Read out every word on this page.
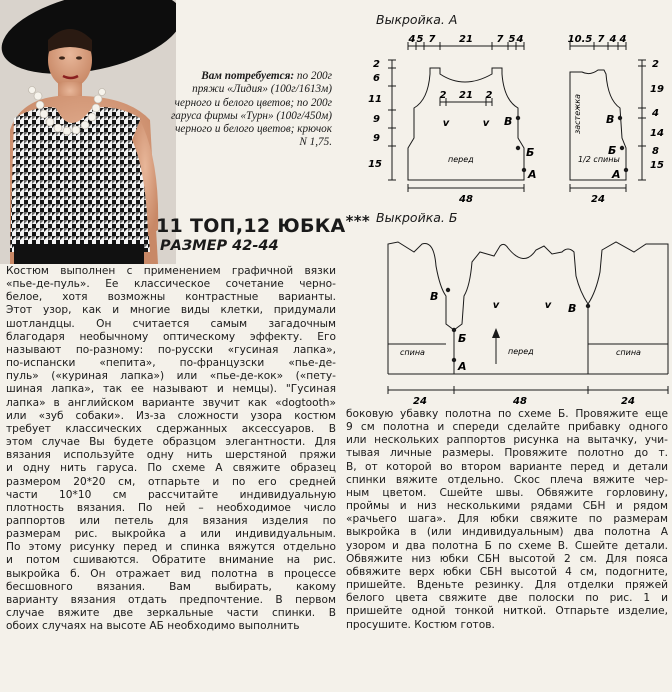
Вам потребуется: по 200г пряжи «Лидия» (100г/1613м) черного и белого цветов; по 200г гаруса фирмы «Турн» (100г/450м) черного и белого цветов; крючок N 1,75.
11 ТОП,12 ЮБКА***
РАЗМЕР 42-44
Выкройка. А
4 5 7 21 7 5 4
2 21 2
v	v
2
6
11
9
9
15	перед
48
В
Б
А
10.5 7 4 4
2
19
4
14
8
15
застежка
1/2 спины
24
В
Б
А
Выкройка. Б
В
Б
А
В
спина	перед	спина
v	v
24	48	24
Костюм выполнен с применением графичной вязки
«пье-де-пуль». Ее классическое сочетание черно-
белое, хотя возможны контрастные варианты.
Этот узор, как и многие виды клетки, придумали
шотландцы. Он считается самым загадочным
благодаря необычному оптическому эффекту. Его
называют по-разному: по-русски «гусиная лапка»,
по-испански «пепита», по-французски «пье-де-
пуль» («куриная лапка») или «пье-де-кок» («пету-
шиная лапка», так ее называют и немцы). "Гусиная
лапка» в английском варианте звучит как «dogtooth»
или «зуб собаки». Из-за сложности узора костюм
требует классических сдержанных аксессуаров. В
этом случае Вы будете образцом элегантности. Для
вязания используйте одну нить шерстяной пряжи
и одну нить гаруса. По схеме А свяжите образец
размером 20*20 см, отпарьте и по его средней
части 10*10 см рассчитайте индивидуальную
плотность вязания. По ней – необходимое число
раппортов или петель для вязания изделия по
размерам рис. выкройка а или индивидуальным.
По этому рисунку перед и спинка вяжутся отдельно
и потом сшиваются. Обратите внимание на рис.
выкройка б. Он отражает вид полотна в процессе
бесшовного вязания. Вам выбирать, какому
варианту вязания отдать предпочтение. В первом
случае вяжите две зеркальные части спинки. В
обоих случаях на высоте АБ необходимо выполнить
боковую убавку полотна по схеме Б. Провяжите еще
9 см полотна и спереди сделайте прибавку одного
или нескольких раппортов рисунка на вытачку, учи-
тывая личные размеры. Провяжите полотно до т.
В, от которой во втором варианте перед и детали
спинки вяжите отдельно. Скос плеча вяжите чер-
ным цветом. Сшейте швы. Обвяжите горловину,
проймы и низ несколькими рядами СБН и рядом
«рачьего шага». Для юбки свяжите по размерам
выкройка в (или индивидуальным) два полотна А
узором и два полотна Б по схеме В. Сшейте детали.
Обвяжите низ юбки СБН высотой 2 см. Для пояса
обвяжите верх юбки СБН высотой 4 см, подогните,
пришейте. Вденьте резинку. Для отделки пряжей
белого цвета свяжите две полоски по рис. 1 и
пришейте одной тонкой ниткой. Отпарьте изделие,
просушите. Костюм готов.
